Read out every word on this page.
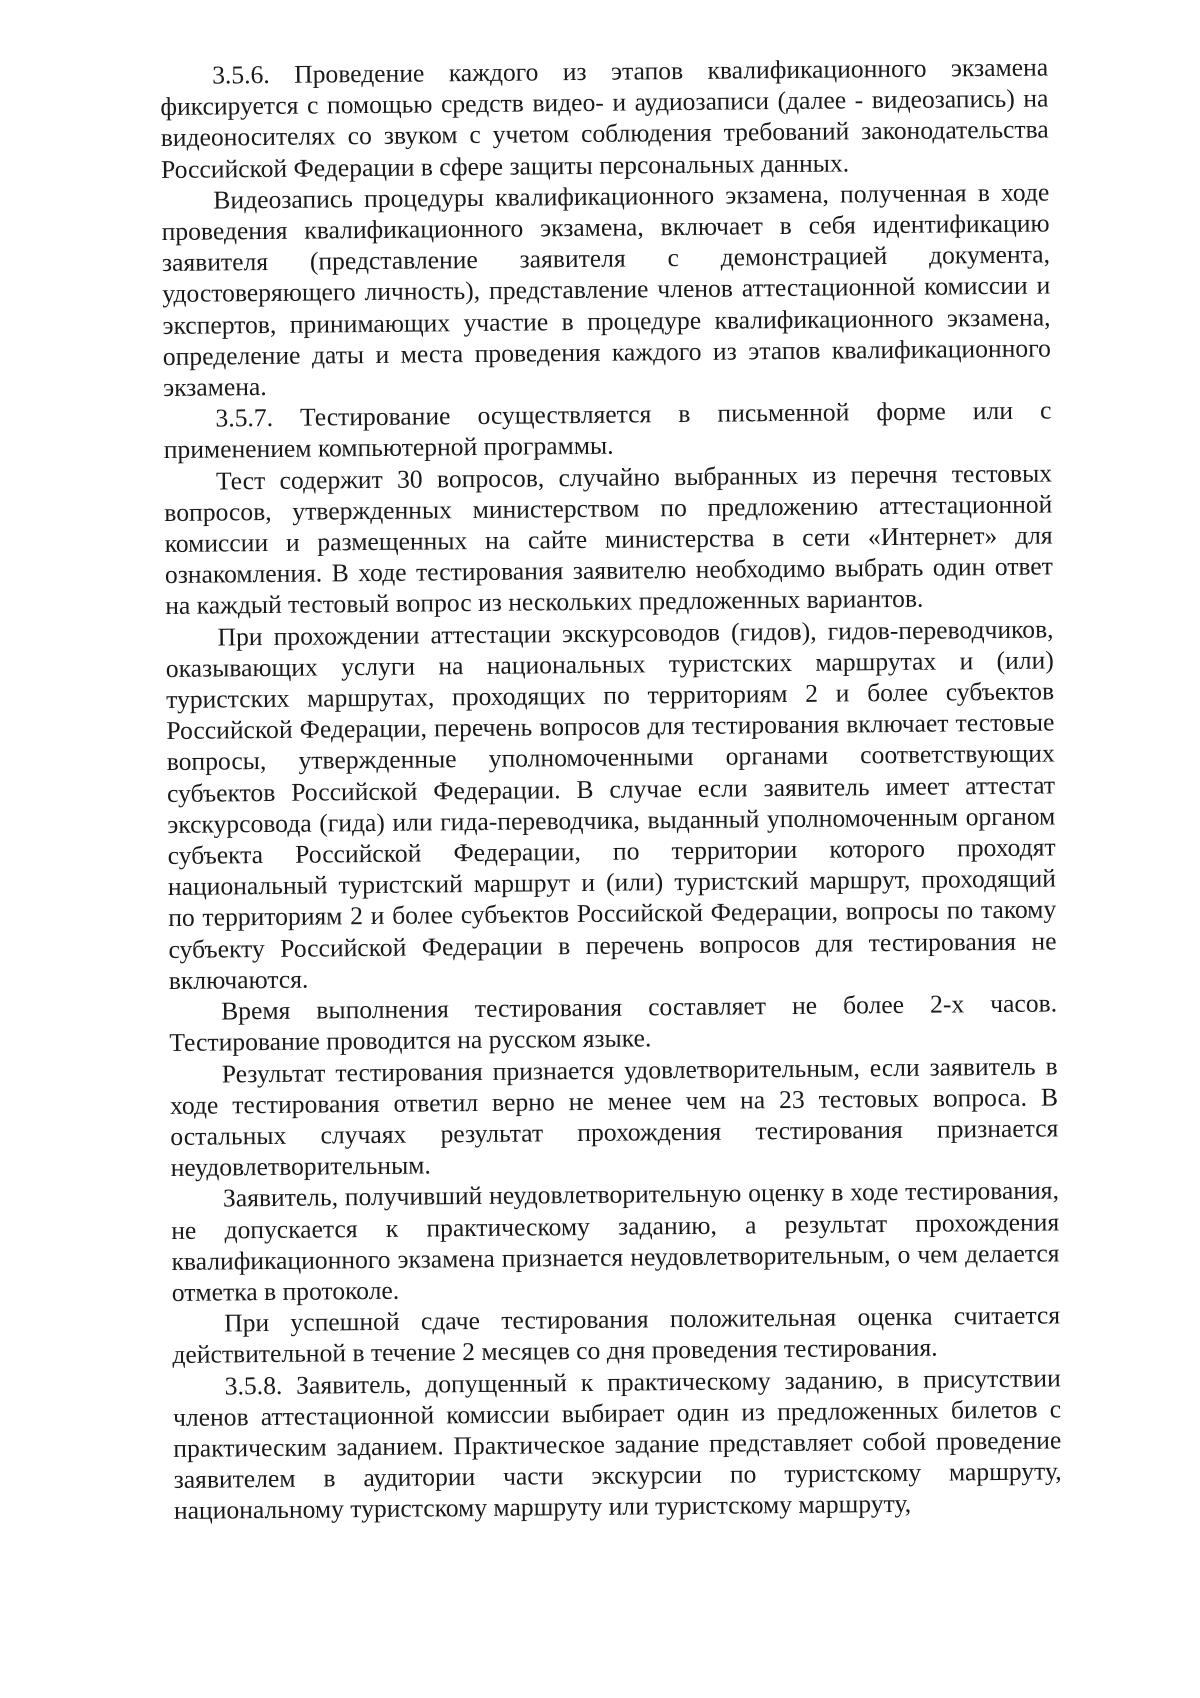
3.5.6. Проведение каждого из этапов квалификационного экзамена фиксируется с помощью средств видео- и аудиозаписи (далее - видеозапись) на видеоносителях со звуком с учетом соблюдения требований законодательства Российской Федерации в сфере защиты персональных данных.

Видеозапись процедуры квалификационного экзамена, полученная в ходе проведения квалификационного экзамена, включает в себя идентификацию заявителя (представление заявителя с демонстрацией документа, удостоверяющего личность), представление членов аттестационной комиссии и экспертов, принимающих участие в процедуре квалификационного экзамена, определение даты и места проведения каждого из этапов квалификационного экзамена.

3.5.7. Тестирование осуществляется в письменной форме или с применением компьютерной программы.

Тест содержит 30 вопросов, случайно выбранных из перечня тестовых вопросов, утвержденных министерством по предложению аттестационной комиссии и размещенных на сайте министерства в сети «Интернет» для ознакомления. В ходе тестирования заявителю необходимо выбрать один ответ на каждый тестовый вопрос из нескольких предложенных вариантов.

При прохождении аттестации экскурсоводов (гидов), гидов-переводчиков, оказывающих услуги на национальных туристских маршрутах и (или) туристских маршрутах, проходящих по территориям 2 и более субъектов Российской Федерации, перечень вопросов для тестирования включает тестовые вопросы, утвержденные уполномоченными органами соответствующих субъектов Российской Федерации. В случае если заявитель имеет аттестат экскурсовода (гида) или гида-переводчика, выданный уполномоченным органом субъекта Российской Федерации, по территории которого проходят национальный туристский маршрут и (или) туристский маршрут, проходящий по территориям 2 и более субъектов Российской Федерации, вопросы по такому субъекту Российской Федерации в перечень вопросов для тестирования не включаются.

Время выполнения тестирования составляет не более 2-х часов. Тестирование проводится на русском языке.

Результат тестирования признается удовлетворительным, если заявитель в ходе тестирования ответил верно не менее чем на 23 тестовых вопроса. В остальных случаях результат прохождения тестирования признается неудовлетворительным.

Заявитель, получивший неудовлетворительную оценку в ходе тестирования, не допускается к практическому заданию, а результат прохождения квалификационного экзамена признается неудовлетворительным, о чем делается отметка в протоколе.

При успешной сдаче тестирования положительная оценка считается действительной в течение 2 месяцев со дня проведения тестирования.

3.5.8. Заявитель, допущенный к практическому заданию, в присутствии членов аттестационной комиссии выбирает один из предложенных билетов с практическим заданием. Практическое задание представляет собой проведение заявителем в аудитории части экскурсии по туристскому маршруту, национальному туристскому маршруту или туристскому маршруту,
